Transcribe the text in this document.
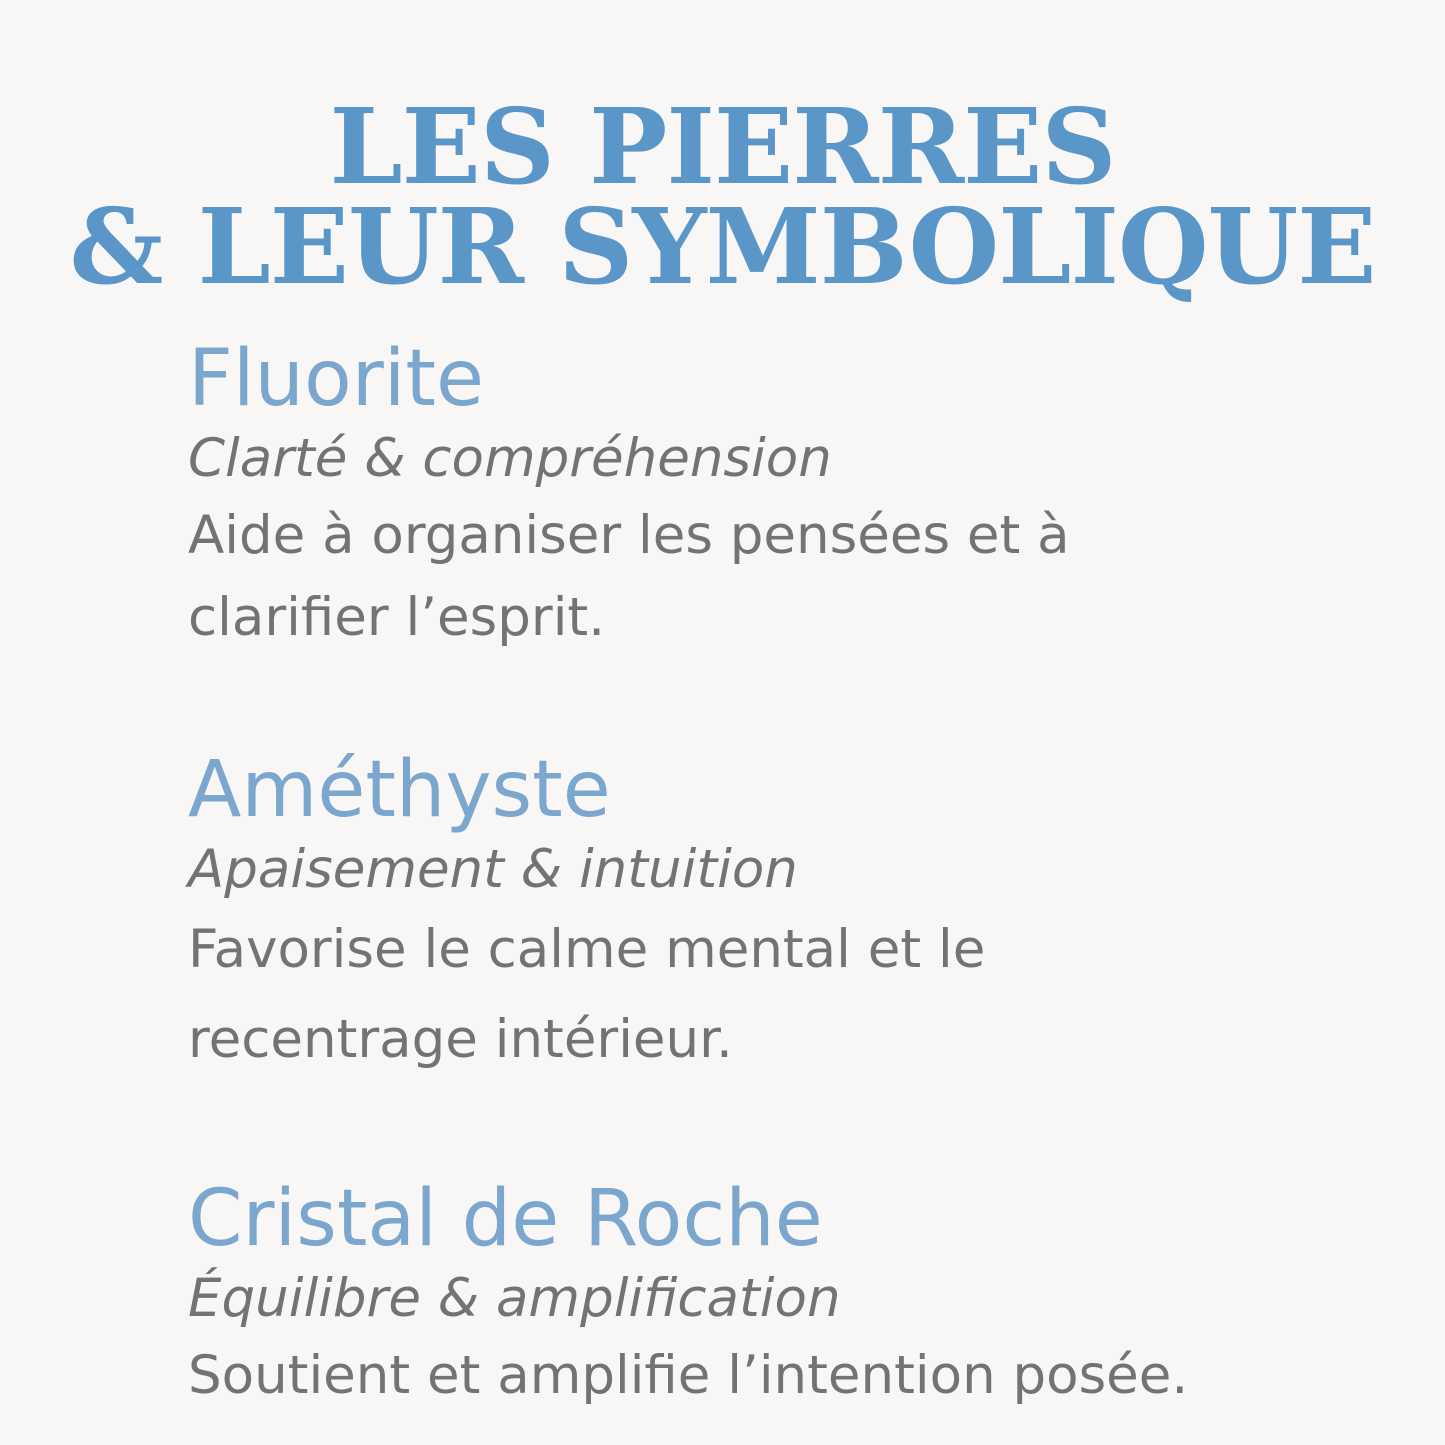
LES PIERRES
& LEUR SYMBOLIQUE
Fluorite

Clarté & compréhension

Aide à organiser les pensées et à

clarifier l’esprit.

Améthyste

Apaisement & intuition

Favorise le calme mental et le

recentrage intérieur.

Cristal de Roche

Équilibre & amplification

Soutient et amplifie l’intention posée.
